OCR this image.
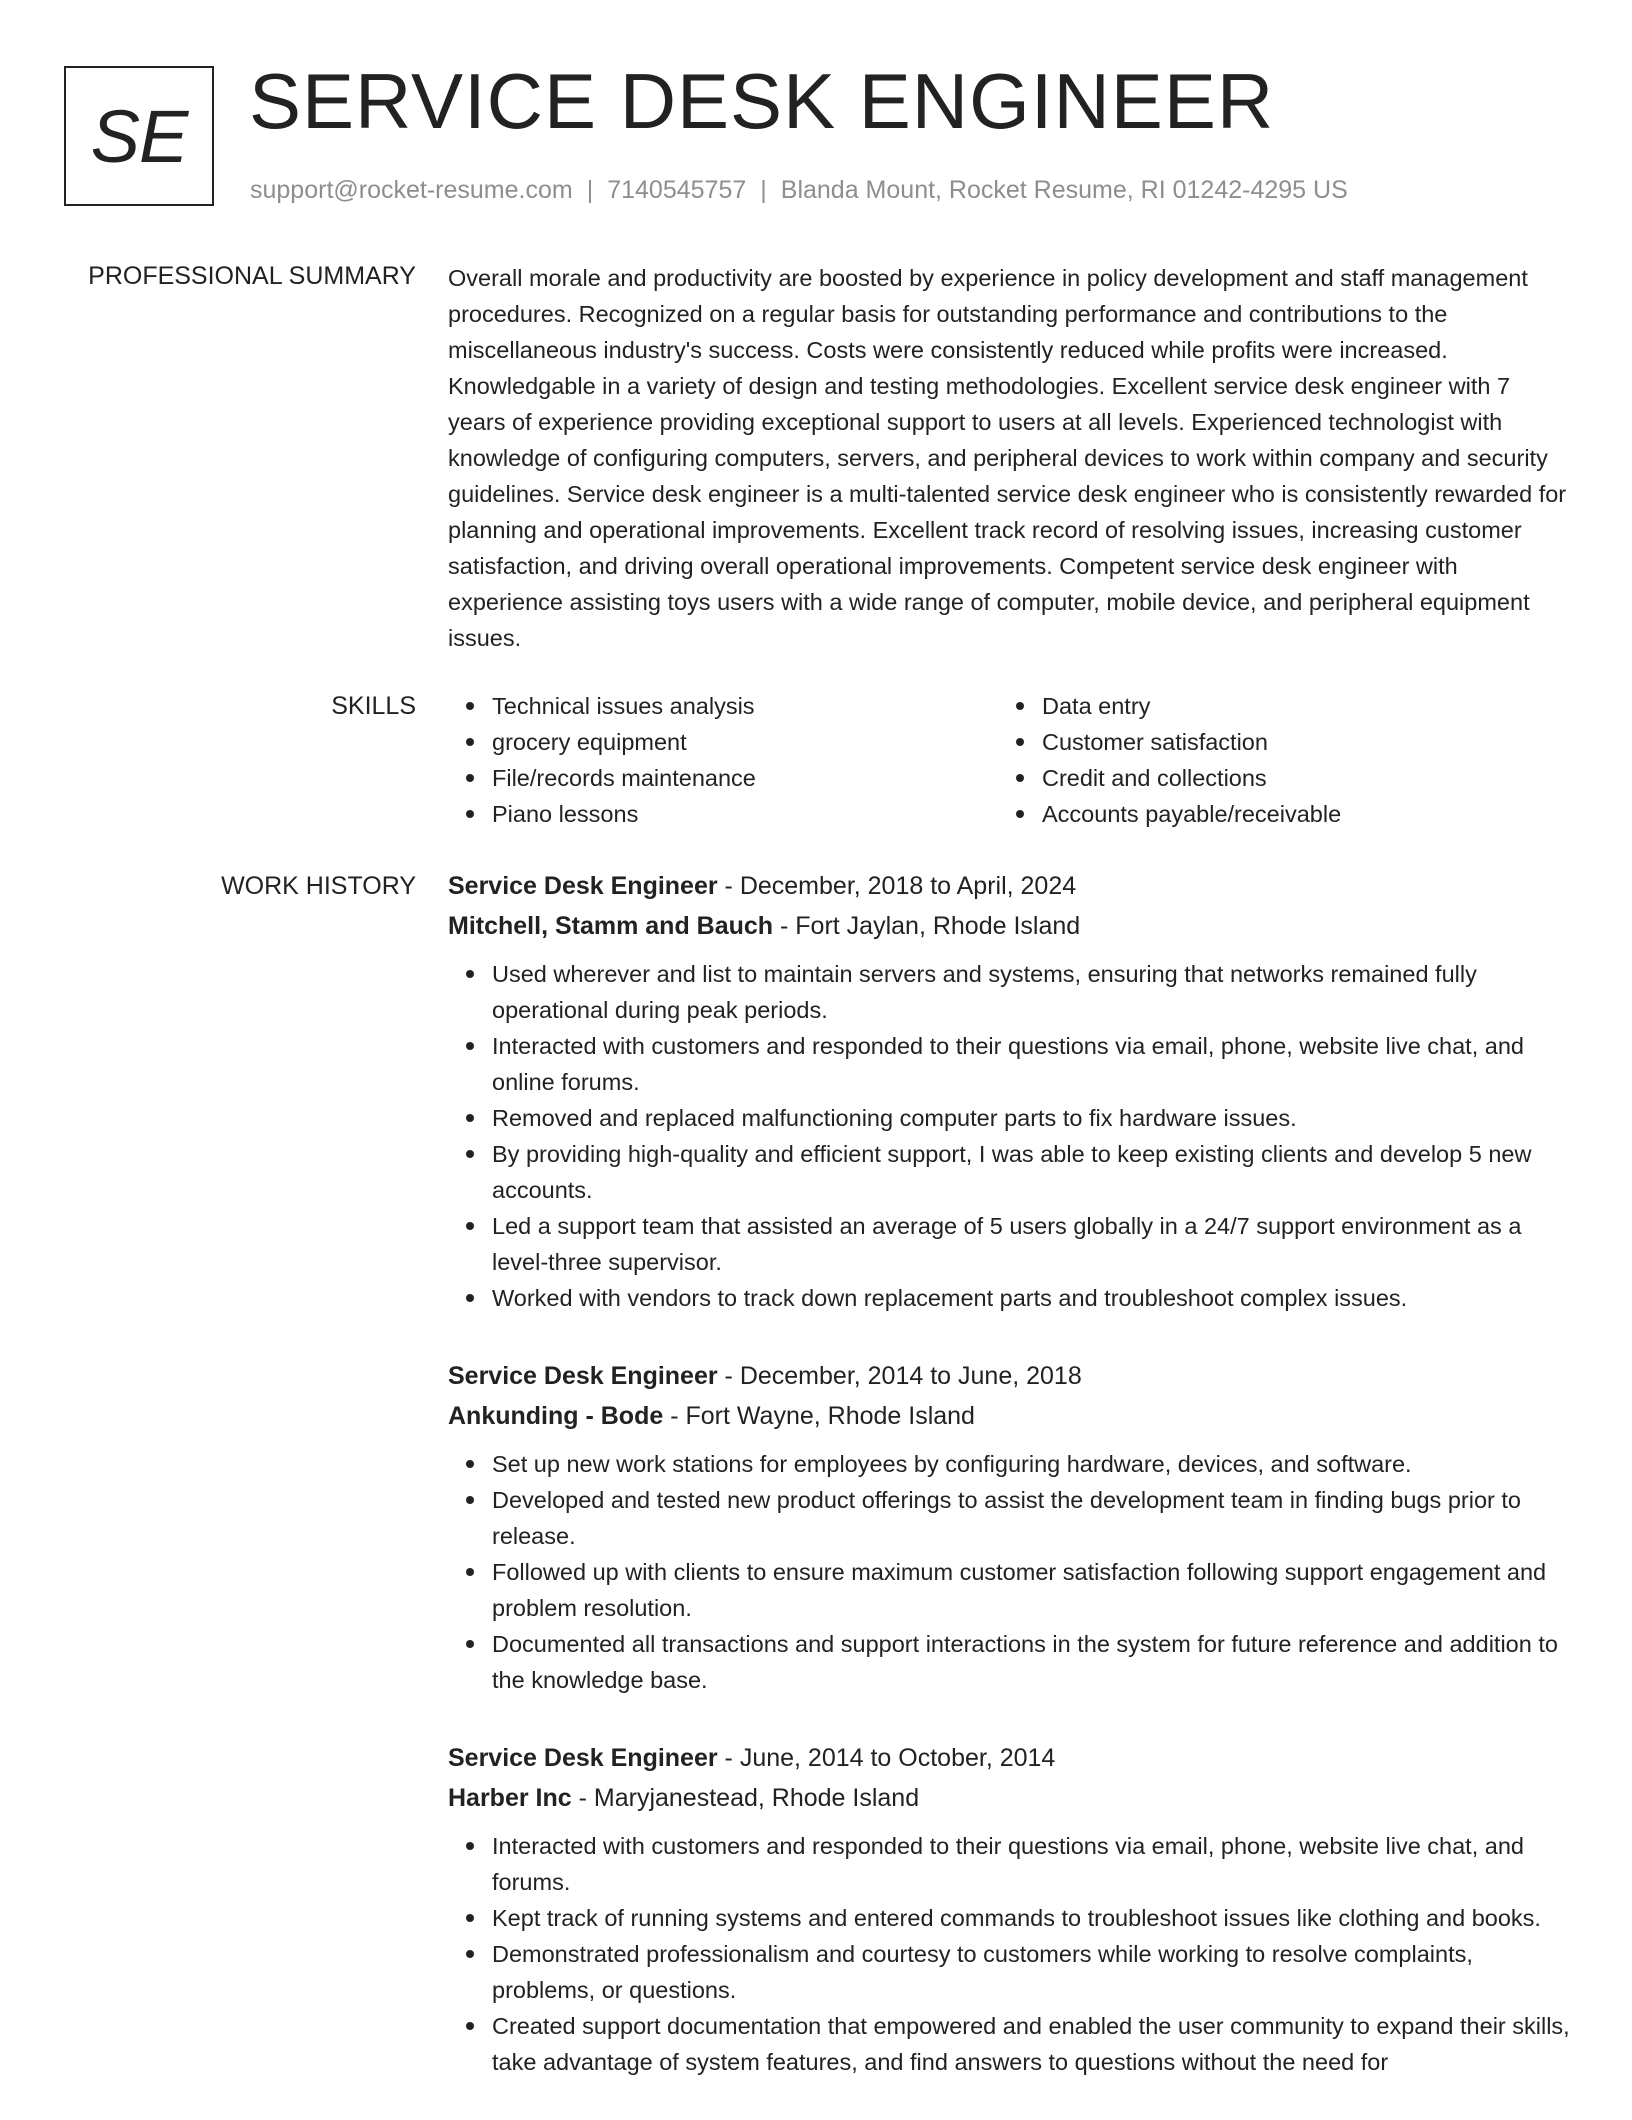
SE SERVICE DESK ENGINEER
support@rocket-resume.com | 7140545757 | Blanda Mount, Rocket Resume, RI 01242-4295 US
PROFESSIONAL SUMMARY Overall morale and productivity are boosted by experience in policy development and staff management procedures. Recognized on a regular basis for outstanding performance and contributions to the miscellaneous industry's success. Costs were consistently reduced while profits were increased. Knowledgable in a variety of design and testing methodologies. Excellent service desk engineer with 7 years of experience providing exceptional support to users at all levels. Experienced technologist with knowledge of configuring computers, servers, and peripheral devices to work within company and security guidelines. Service desk engineer is a multi-talented service desk engineer who is consistently rewarded for planning and operational improvements. Excellent track record of resolving issues, increasing customer satisfaction, and driving overall operational improvements. Competent service desk engineer with experience assisting toys users with a wide range of computer, mobile device, and peripheral equipment issues.

SKILLS	Technical issues analysis
grocery equipment
File/records maintenance
Piano lessons
Data entry
Customer satisfaction
Credit and collections
Accounts payable/receivable
WORK HISTORY Service Desk Engineer - December, 2018 to April, 2024
Mitchell, Stamm and Bauch - Fort Jaylan, Rhode Island
Used wherever and list to maintain servers and systems, ensuring that networks remained fully operational during peak periods.
Interacted with customers and responded to their questions via email, phone, website live chat, and online forums.
Removed and replaced malfunctioning computer parts to fix hardware issues.
By providing high-quality and efficient support, I was able to keep existing clients and develop 5 new accounts.
Led a support team that assisted an average of 5 users globally in a 24/7 support environment as a level-three supervisor.
Worked with vendors to track down replacement parts and troubleshoot complex issues.
Service Desk Engineer - December, 2014 to June, 2018
Ankunding - Bode - Fort Wayne, Rhode Island
Set up new work stations for employees by configuring hardware, devices, and software.
Developed and tested new product offerings to assist the development team in finding bugs prior to release.
Followed up with clients to ensure maximum customer satisfaction following support engagement and problem resolution.
Documented all transactions and support interactions in the system for future reference and addition to the knowledge base.
Service Desk Engineer - June, 2014 to October, 2014
Harber Inc - Maryjanestead, Rhode Island
Interacted with customers and responded to their questions via email, phone, website live chat, and forums.
Kept track of running systems and entered commands to troubleshoot issues like clothing and books.
Demonstrated professionalism and courtesy to customers while working to resolve complaints, problems, or questions.
Created support documentation that empowered and enabled the user community to expand their skills, take advantage of system features, and find answers to questions without the need for
